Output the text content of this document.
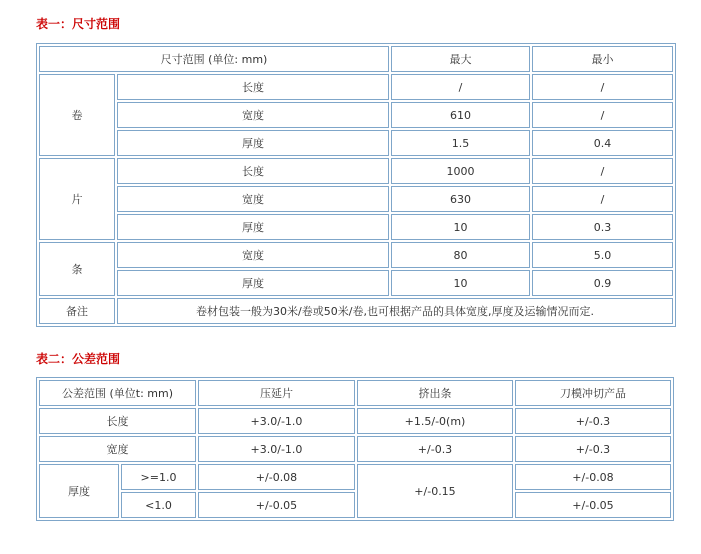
表一：尺寸范围
尺寸范围 (单位: mm)		最大	最小
卷	长度	/	/
	宽度	610	/
	厚度	1.5	0.4
片	长度	1000	/
	宽度	630	/
	厚度	10	0.3
条	宽度	80	5.0
	厚度	10	0.9
备注	卷材包装一般为30米/卷或50米/卷,也可根据产品的具体宽度,厚度及运输情况而定.		
表二：公差范围
公差范围 (单位t: mm)		压延片	挤出条	刀模冲切产品
长度		+3.0/-1.0	+1.5/-0(m)	+/-0.3
宽度		+3.0/-1.0	+/-0.3	+/-0.3
厚度	>=1.0	+/-0.08	+/-0.15	+/-0.08
	<1.0	+/-0.05		+/-0.05
